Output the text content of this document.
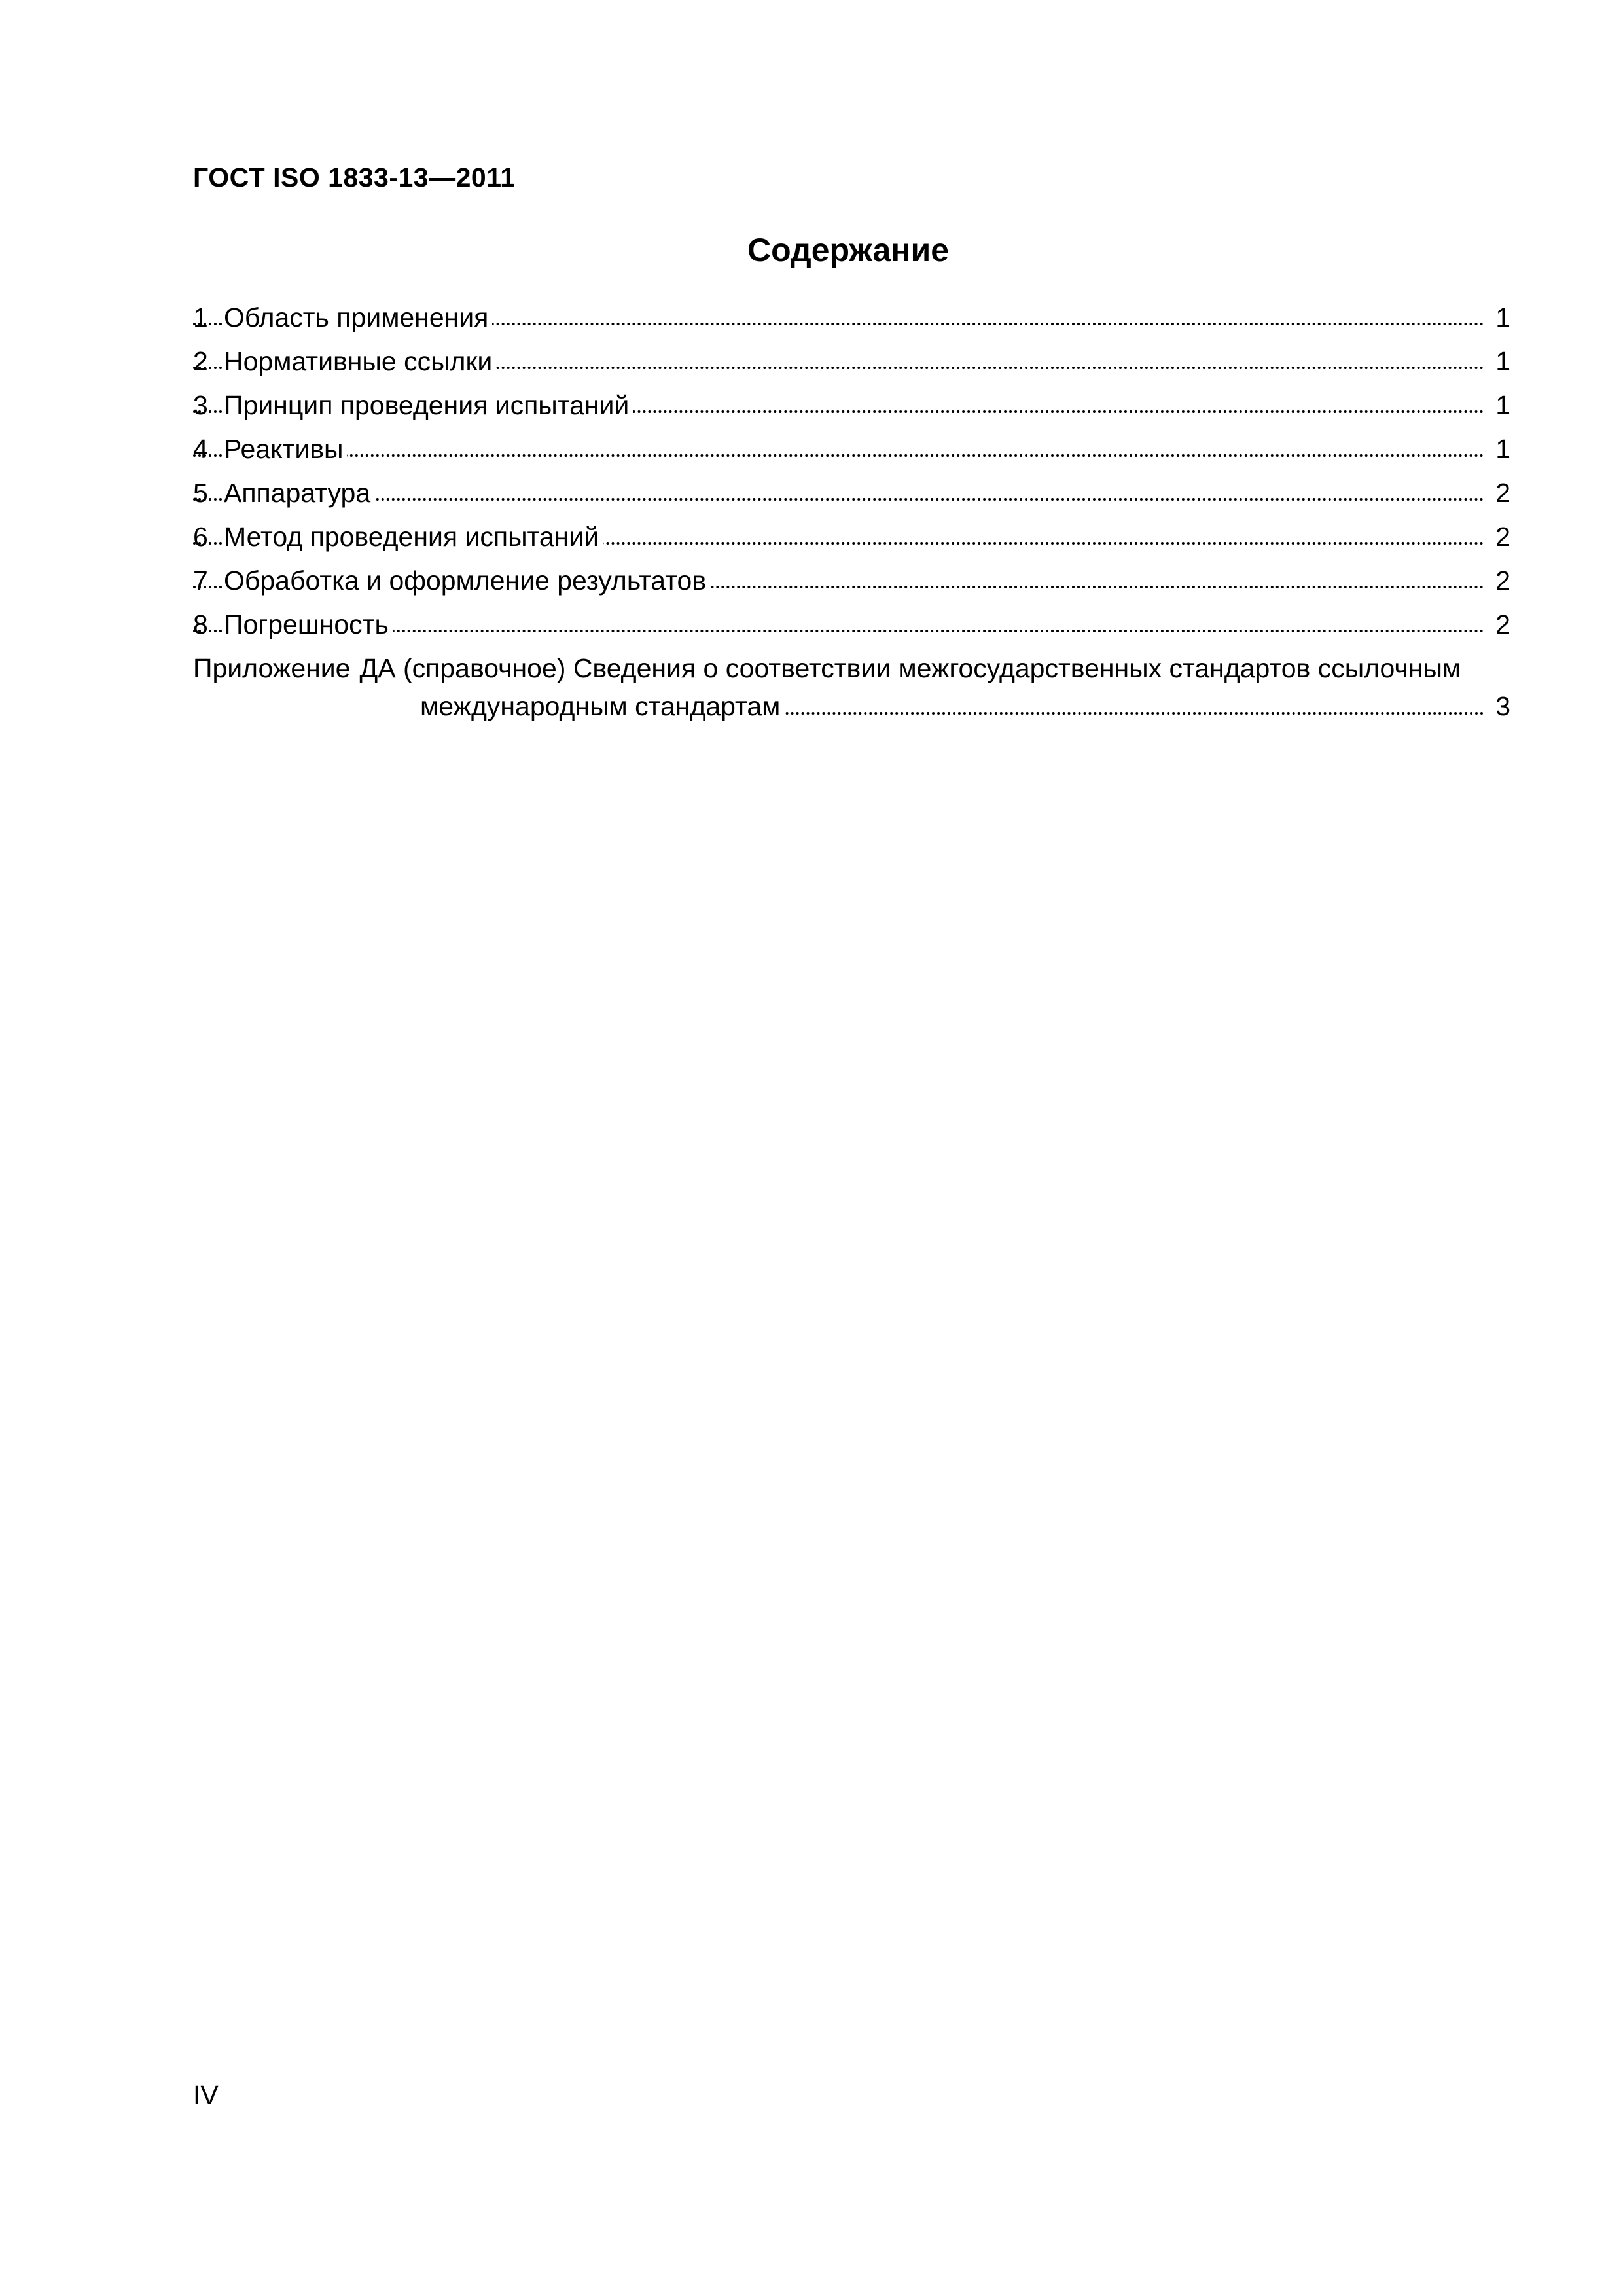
ГОСТ ISO 1833-13—2011
Содержание
1 Область применения	1
2 Нормативные ссылки	1
3 Принцип проведения испытаний	1
4 Реактивы	1
5 Аппаратура	2
6 Метод проведения испытаний	2
7 Обработка и оформление результатов	2
8 Погрешность	2
Приложение ДА (справочное) Сведения о соответствии межгосударственных стандартов ссылочным
международным стандартам	3
IV
